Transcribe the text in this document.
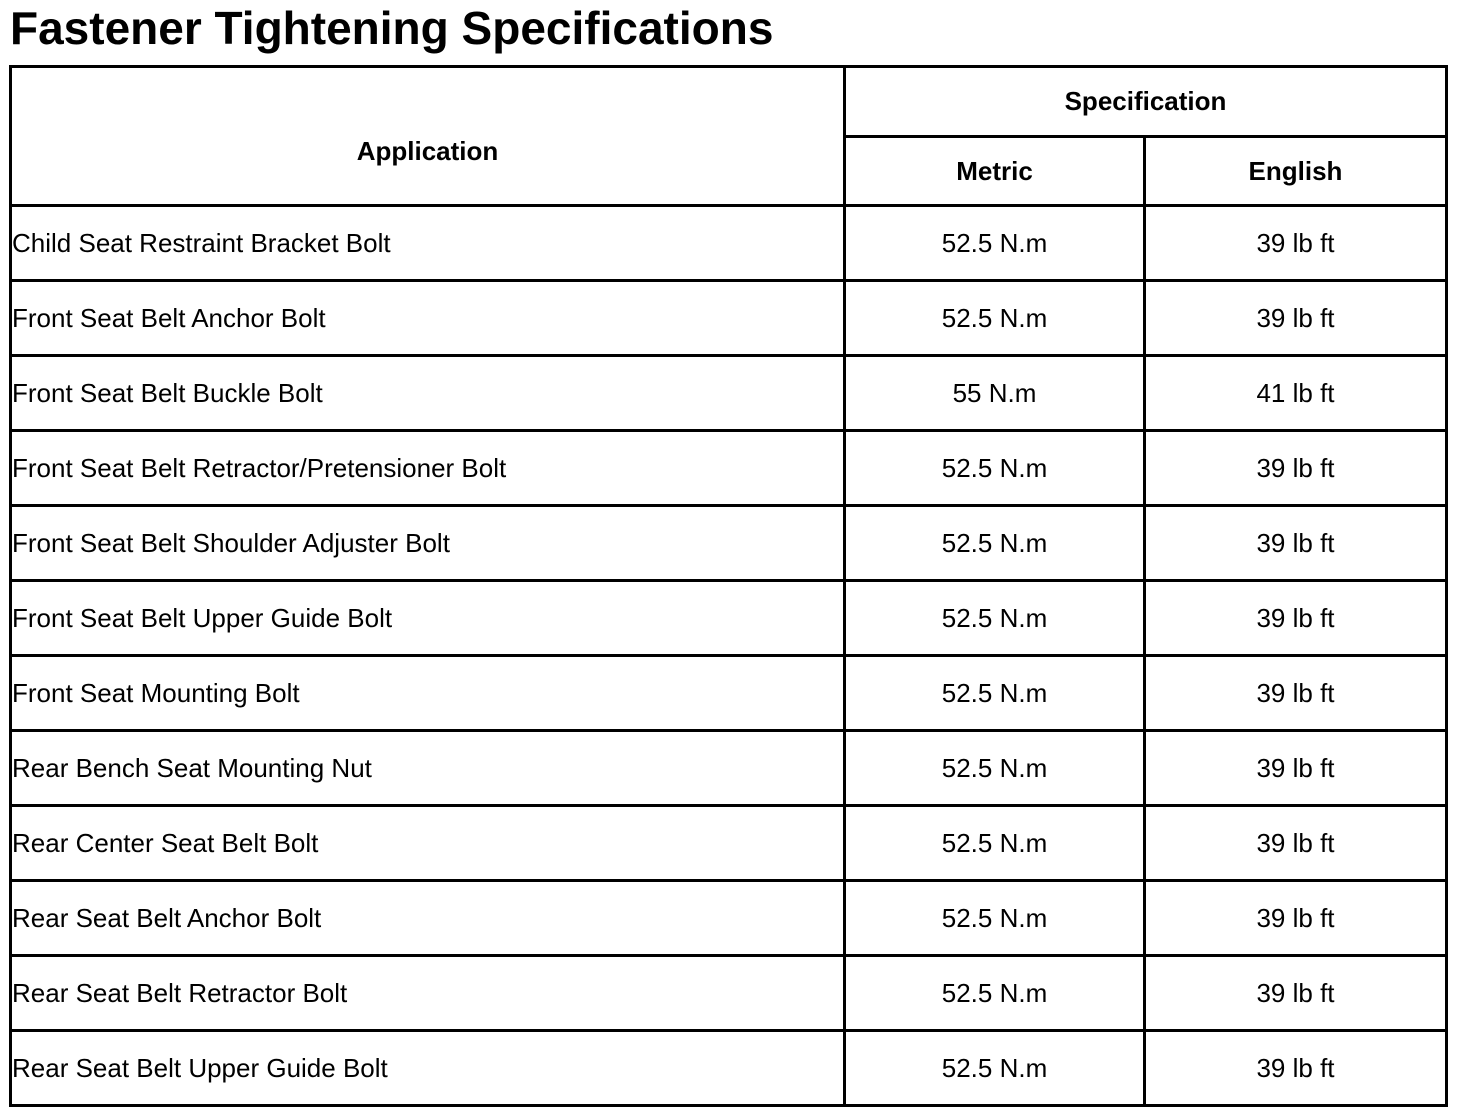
Fastener Tightening Specifications
Application	Specification	
	Metric	English
Child Seat Restraint Bracket Bolt	52.5 N.m	39 lb ft
Front Seat Belt Anchor Bolt	52.5 N.m	39 lb ft
Front Seat Belt Buckle Bolt	55 N.m	41 lb ft
Front Seat Belt Retractor/Pretensioner Bolt	52.5 N.m	39 lb ft
Front Seat Belt Shoulder Adjuster Bolt	52.5 N.m	39 lb ft
Front Seat Belt Upper Guide Bolt	52.5 N.m	39 lb ft
Front Seat Mounting Bolt	52.5 N.m	39 lb ft
Rear Bench Seat Mounting Nut	52.5 N.m	39 lb ft
Rear Center Seat Belt Bolt	52.5 N.m	39 lb ft
Rear Seat Belt Anchor Bolt	52.5 N.m	39 lb ft
Rear Seat Belt Retractor Bolt	52.5 N.m	39 lb ft
Rear Seat Belt Upper Guide Bolt	52.5 N.m	39 lb ft
